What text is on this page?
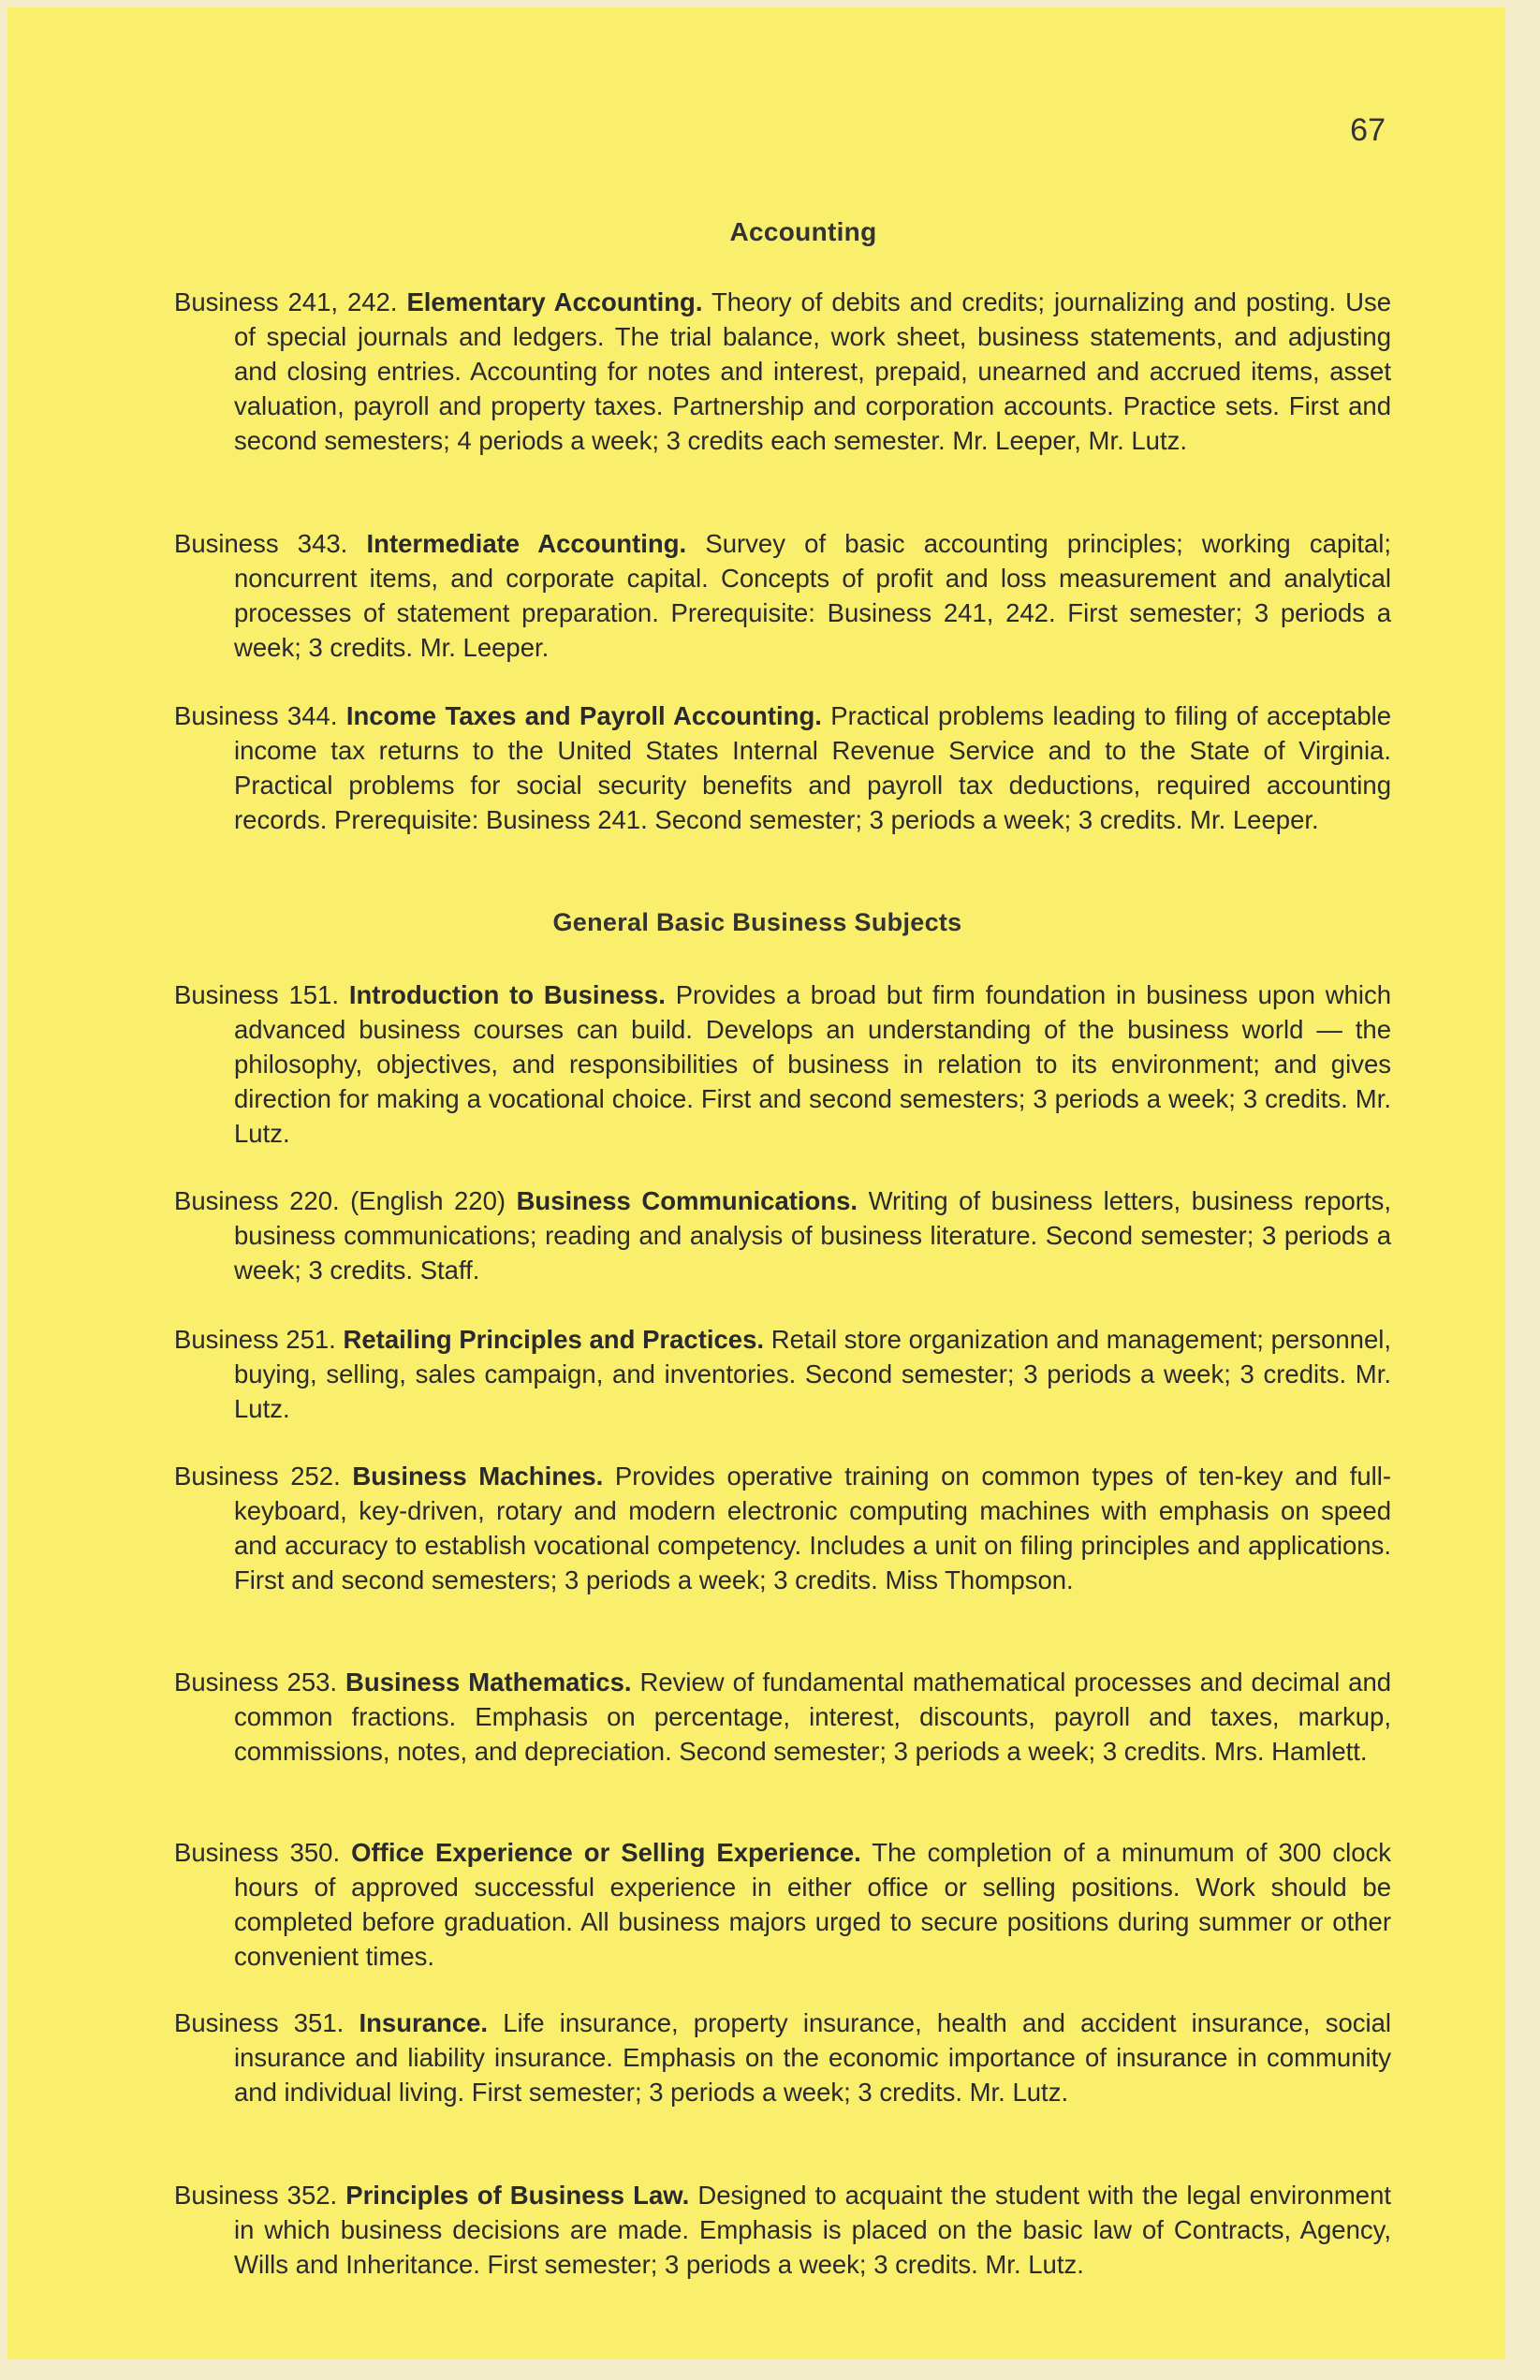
67
Accounting
Business 241, 242. Elementary Accounting. Theory of debits and credits; journalizing and posting. Use of special journals and ledgers. The trial balance, work sheet, business statements, and adjusting and closing entries. Accounting for notes and interest, prepaid, unearned and accrued items, asset valuation, payroll and property taxes. Partnership and corporation accounts. Practice sets. First and second semesters; 4 periods a week; 3 credits each semester. Mr. Leeper, Mr. Lutz.
Business 343. Intermediate Accounting. Survey of basic accounting principles; working capital; noncurrent items, and corporate capital. Concepts of profit and loss measurement and analytical processes of statement preparation. Prerequisite: Business 241, 242. First semester; 3 periods a week; 3 credits. Mr. Leeper.
Business 344. Income Taxes and Payroll Accounting. Practical problems leading to filing of acceptable income tax returns to the United States Internal Revenue Service and to the State of Virginia. Practical problems for social security benefits and payroll tax deductions, required accounting records. Prerequisite: Business 241. Second semester; 3 periods a week; 3 credits. Mr. Leeper.
General Basic Business Subjects
Business 151. Introduction to Business. Provides a broad but firm foundation in business upon which advanced business courses can build. Develops an understanding of the business world — the philosophy, objectives, and responsibilities of business in relation to its environment; and gives direction for making a vocational choice. First and second semesters; 3 periods a week; 3 credits. Mr. Lutz.
Business 220. (English 220) Business Communications. Writing of business letters, business reports, business communications; reading and analysis of business literature. Second semester; 3 periods a week; 3 credits. Staff.
Business 251. Retailing Principles and Practices. Retail store organization and management; personnel, buying, selling, sales campaign, and inventories. Second semester; 3 periods a week; 3 credits. Mr. Lutz.
Business 252. Business Machines. Provides operative training on common types of ten-key and full-keyboard, key-driven, rotary and modern electronic computing machines with emphasis on speed and accuracy to establish vocational competency. Includes a unit on filing principles and applications. First and second semesters; 3 periods a week; 3 credits. Miss Thompson.
Business 253. Business Mathematics. Review of fundamental mathematical processes and decimal and common fractions. Emphasis on percentage, interest, discounts, payroll and taxes, markup, commissions, notes, and depreciation. Second semester; 3 periods a week; 3 credits. Mrs. Hamlett.
Business 350. Office Experience or Selling Experience. The completion of a minumum of 300 clock hours of approved successful experience in either office or selling positions. Work should be completed before graduation. All business majors urged to secure positions during summer or other convenient times.
Business 351. Insurance. Life insurance, property insurance, health and accident insurance, social insurance and liability insurance. Emphasis on the economic importance of insurance in community and individual living. First semester; 3 periods a week; 3 credits. Mr. Lutz.
Business 352. Principles of Business Law. Designed to acquaint the student with the legal environment in which business decisions are made. Emphasis is placed on the basic law of Contracts, Agency, Wills and Inheritance. First semester; 3 periods a week; 3 credits. Mr. Lutz.
